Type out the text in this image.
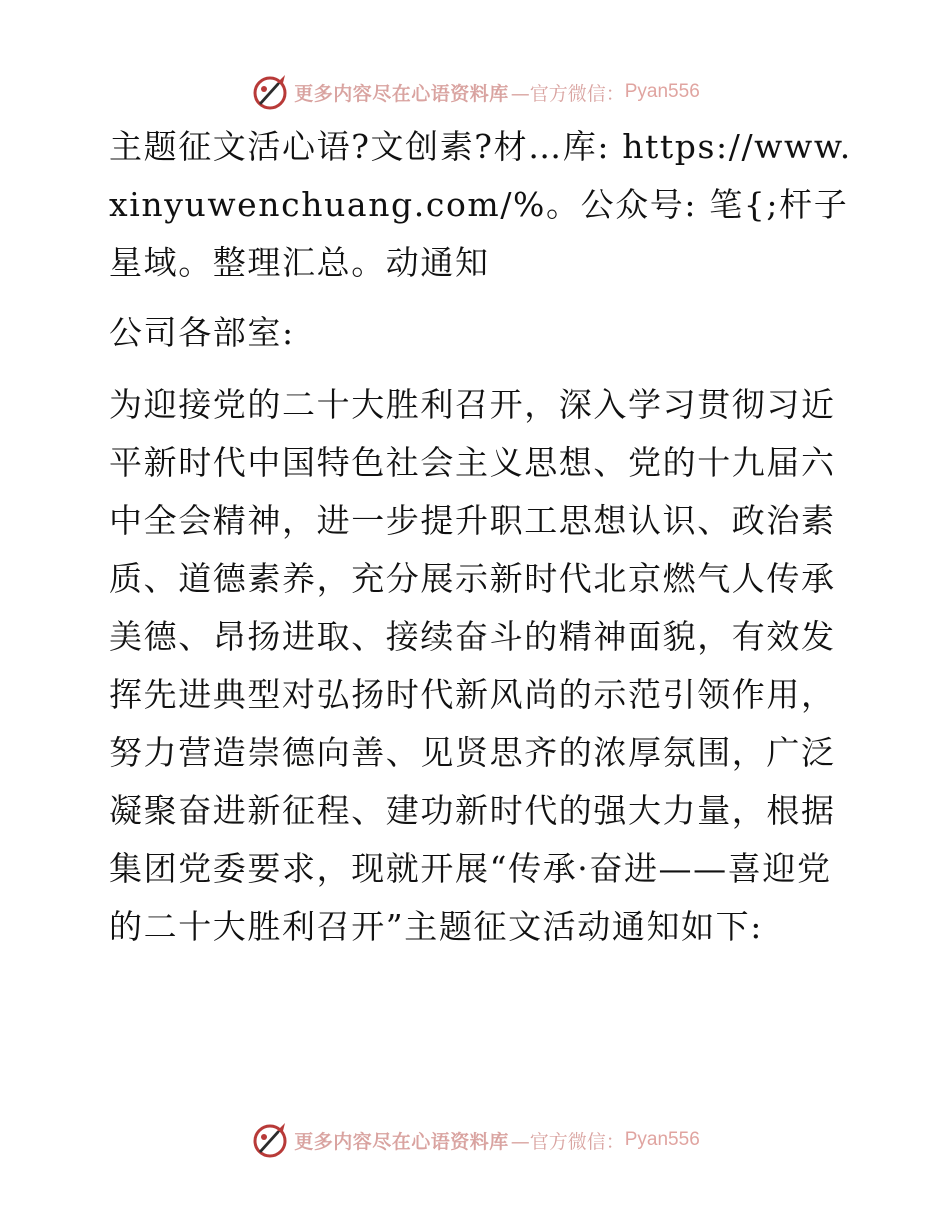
更多内容尽在心语资料库 —官方微信： Pyan556

主题征文活心语?文创素?材…库: https://www.xinyuwenchuang.com/%。公众号: 笔{;杆子星域。整理汇总。动通知

公司各部室:

为迎接党的二十大胜利召开，深入学习贯彻习近平新时代中国特色社会主义思想、党的十九届六中全会精神，进一步提升职工思想认识、政治素质、道德素养，充分展示新时代北京燃气人传承美德、昂扬进取、接续奋斗的精神面貌，有效发挥先进典型对弘扬时代新风尚的示范引领作用，努力营造崇德向善、见贤思齐的浓厚氛围，广泛凝聚奋进新征程、建功新时代的强大力量，根据集团党委要求，现就开展“传承·奋进——喜迎党的二十大胜利召开”主题征文活动通知如下:

更多内容尽在心语资料库 —官方微信： Pyan556
